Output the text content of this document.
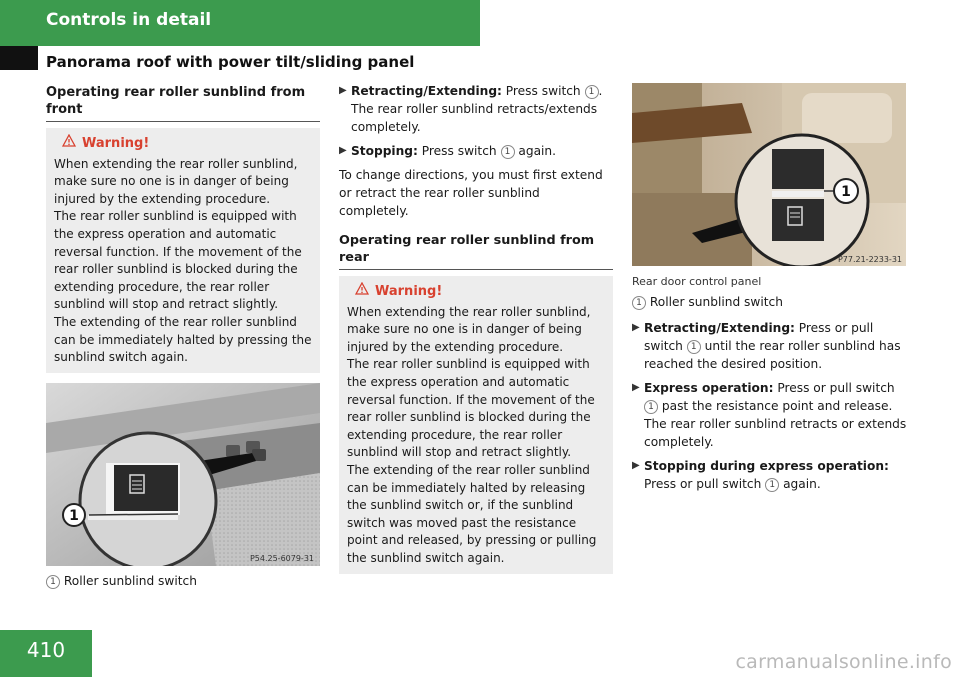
Controls in detail
Panorama roof with power tilt/sliding panel
Operating rear roller sunblind from front
Warning!
When extending the rear roller sunblind, make sure no one is in danger of being injured by the extending procedure.
The rear roller sunblind is equipped with the express operation and automatic reversal function. If the movement of the rear roller sunblind is blocked during the extending procedure, the rear roller sunblind will stop and retract slightly.
The extending of the rear roller sunblind can be immediately halted by pressing the sunblind switch again.
1
P54.25-6079-31
1 Roller sunblind switch
▶ Retracting/Extending: Press switch 1 . The rear roller sunblind retracts/extends completely.
▶ Stopping: Press switch 1 again.
To change directions, you must first extend or retract the rear roller sunblind completely.
Operating rear roller sunblind from rear
Warning!
When extending the rear roller sunblind, make sure no one is in danger of being injured by the extending procedure.
The rear roller sunblind is equipped with the express operation and automatic reversal function. If the movement of the rear roller sunblind is blocked during the extending procedure, the rear roller sunblind will stop and retract slightly.
The extending of the rear roller sunblind can be immediately halted by releasing the sunblind switch or, if the sunblind switch was moved past the resistance point and released, by pressing or pulling the sunblind switch again.
1
P77.21-2233-31
Rear door control panel
1 Roller sunblind switch
▶ Retracting/Extending: Press or pull switch 1 until the rear roller sunblind has reached the desired position.
▶ Express operation: Press or pull switch 1 past the resistance point and release. The rear roller sunblind retracts or extends completely.
▶ Stopping during express operation: Press or pull switch 1 again.
410	carmanualsonline.info
